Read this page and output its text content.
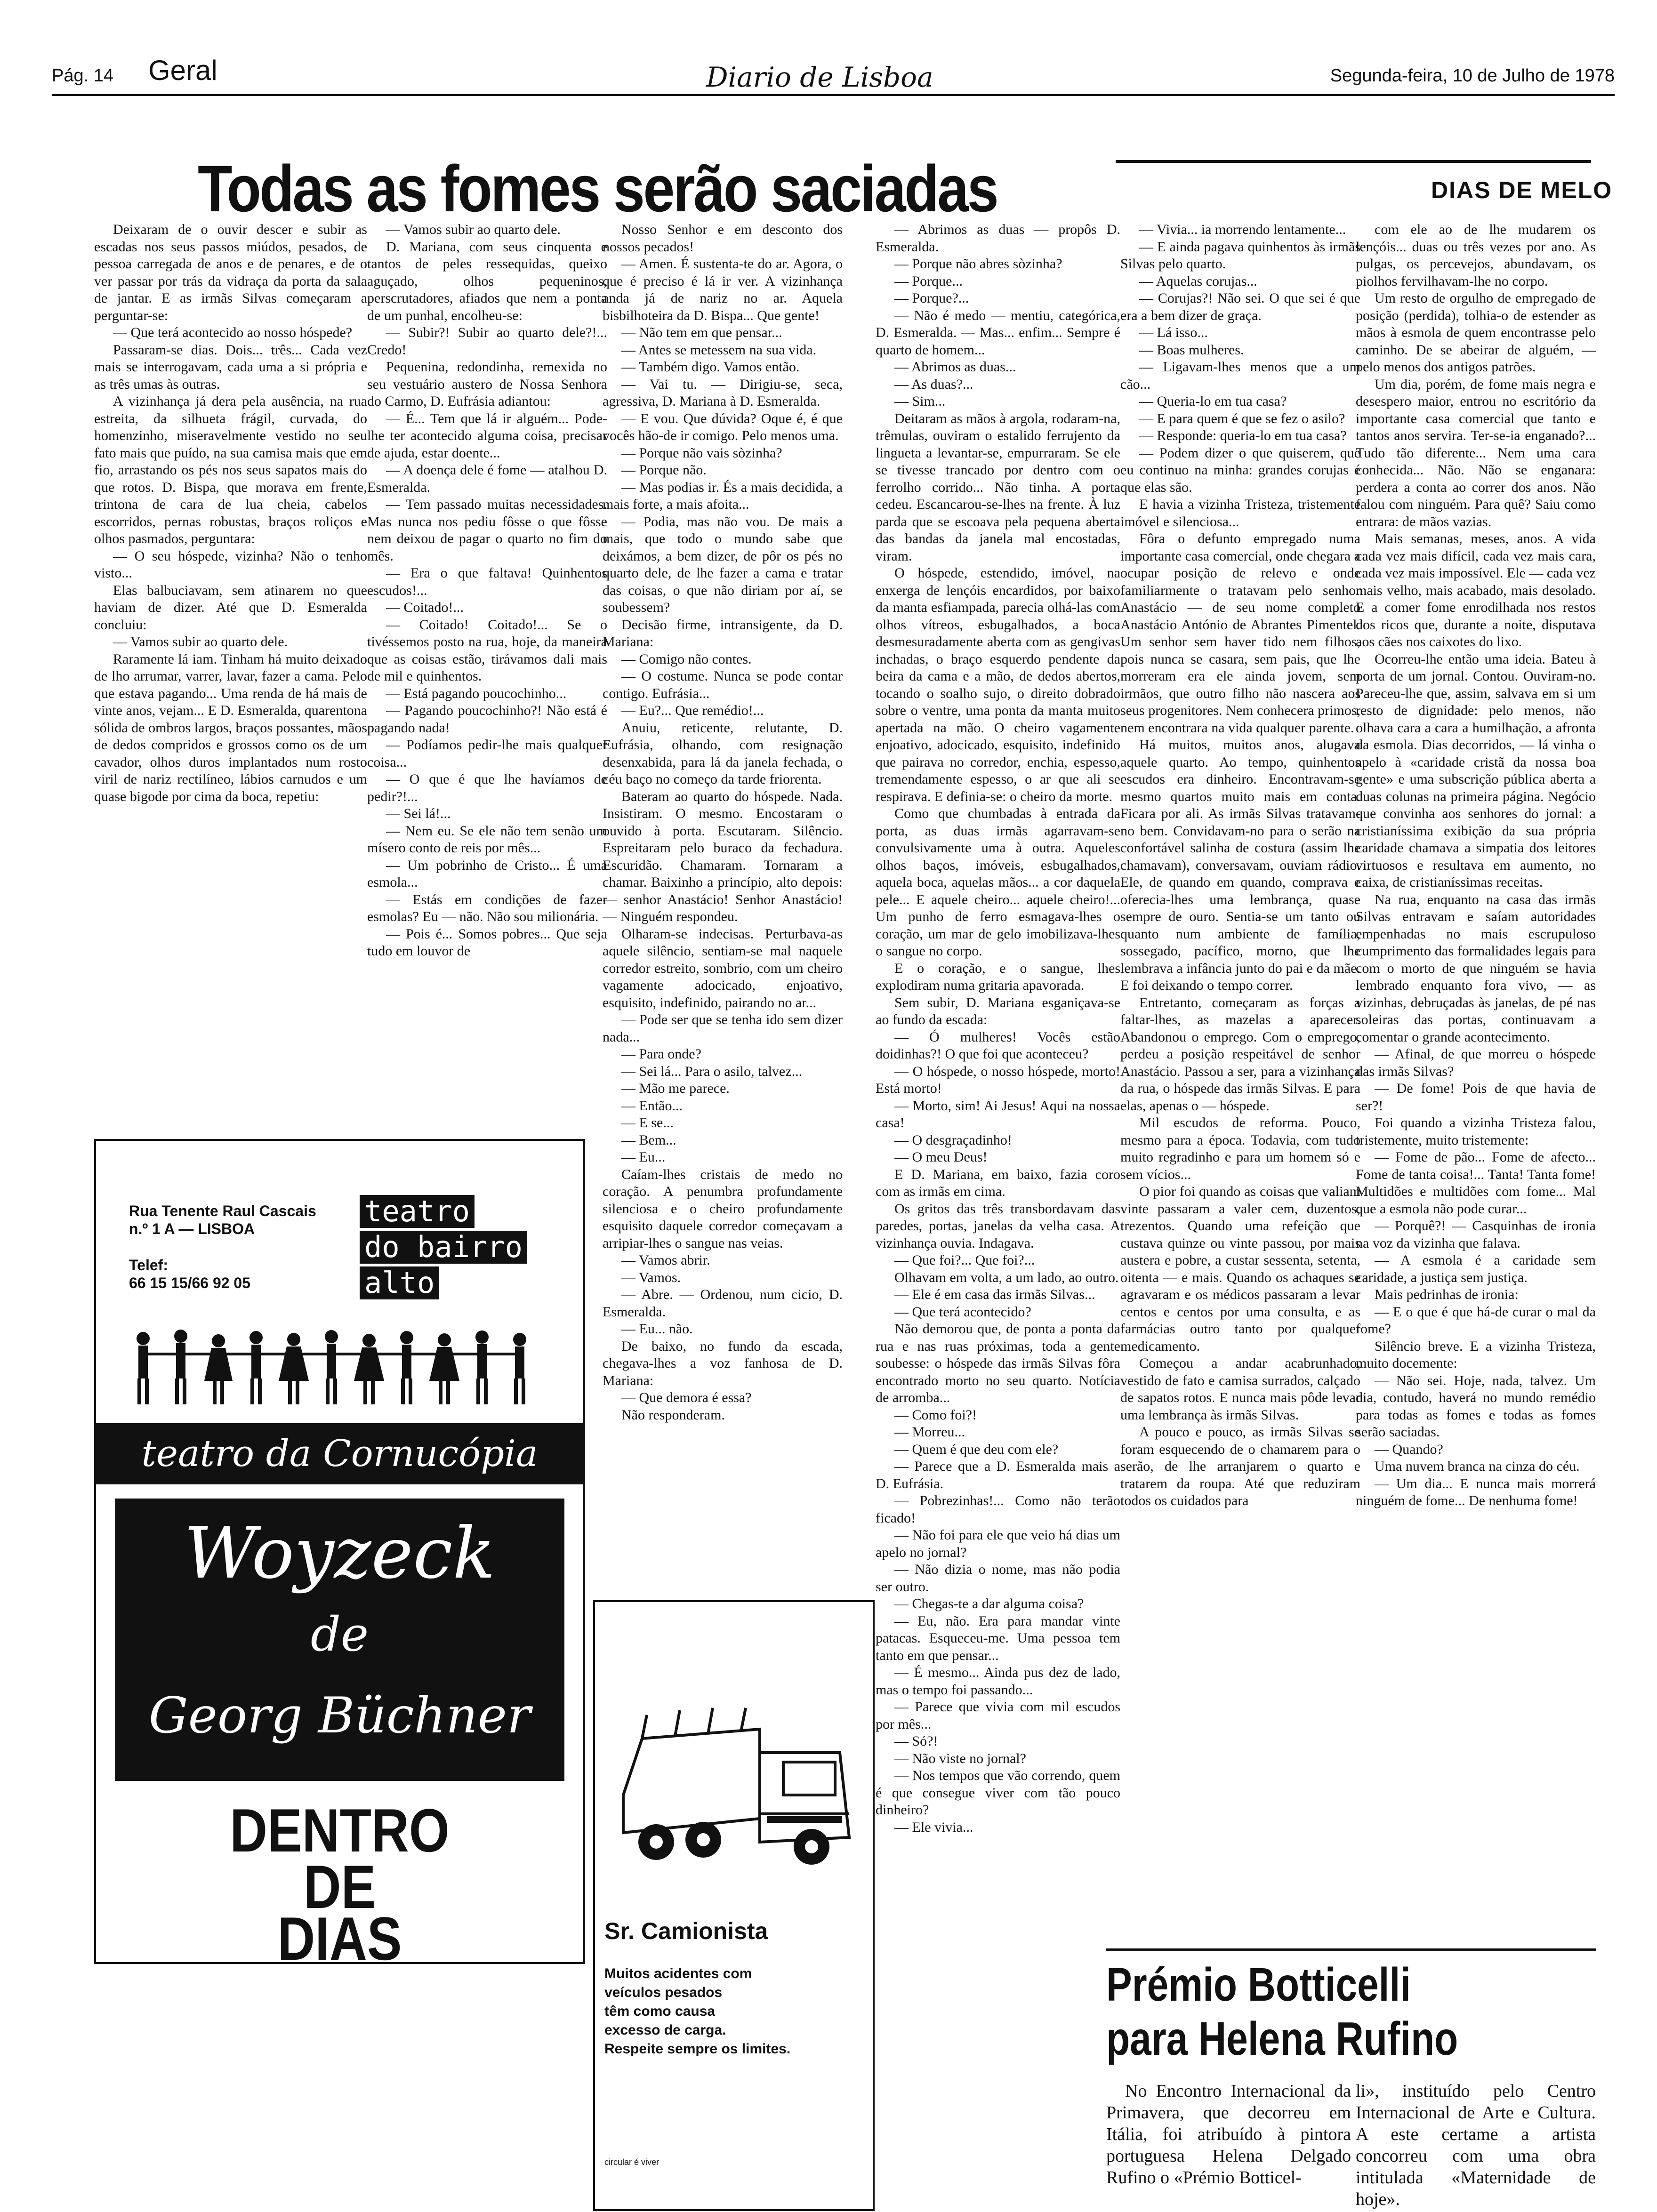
Pág. 14 Geral	Diario de Lisboa	Segunda-feira, 10 de Julho de 1978
Todas as fomes serão saciadas	DIAS DE MELO

Deixaram de o ouvir descer e subir as escadas nos seus passos miúdos, pesados, de pessoa carregada de anos e de penares, e de o ver passar por trás da vidraça da porta da sala de jantar. E as irmãs Silvas começaram a perguntar-se:

— Que terá acontecido ao nosso hóspede?

Passaram-se dias. Dois... três... Cada vez mais se interrogavam, cada uma a si própria e as três umas às outras.

A vizinhança já dera pela ausência, na rua estreita, da silhueta frágil, curvada, do homenzinho, miseravelmente vestido no seu fato mais que puído, na sua camisa mais que em fio, arrastando os pés nos seus sapatos mais do que rotos. D. Bispa, que morava em frente, trintona de cara de lua cheia, cabelos escorridos, pernas robustas, braços roliços e olhos pasmados, perguntara:

— O seu hóspede, vizinha? Não o tenho visto...

Elas balbuciavam, sem atinarem no que haviam de dizer. Até que D. Esmeralda concluiu:

— Vamos subir ao quarto dele.

Raramente lá iam. Tinham há muito deixado de lho arrumar, varrer, lavar, fazer a cama. Pelo que estava pagando... Uma renda de há mais de vinte anos, vejam... E D. Esmeralda, quarentona sólida de ombros largos, braços possantes, mãos de dedos compridos e grossos como os de um cavador, olhos duros implantados num rosto viril de nariz rectilíneo, lábios carnudos e um quase bigode por cima da boca, repetiu:

— Vamos subir ao quarto dele.

D. Mariana, com seus cinquenta e tantos de peles ressequidas, queixo aguçado, olhos pequeninos, perscrutadores, afiados que nem a ponta de um punhal, encolheu-se:

— Subir?! Subir ao quarto dele?!... Credo!

Pequenina, redondinha, remexida no seu vestuário austero de Nossa Senhora do Carmo, D. Eufrásia adiantou:

— É... Tem que lá ir alguém... Pode-lhe ter acontecido alguma coisa, precisar de ajuda, estar doente...

— A doença dele é fome — atalhou D. Esmeralda.

— Tem passado muitas necessidades. Mas nunca nos pediu fôsse o que fôsse nem deixou de pagar o quarto no fim do mês.

— Era o que faltava! Quinhentos escudos!...

— Coitado!...

— Coitado! Coitado!... Se o tivéssemos posto na rua, hoje, da maneira que as coisas estão, tirávamos dali mais de mil e quinhentos.

— Está pagando poucochinho...

— Pagando poucochinho?! Não está é pagando nada!

— Podíamos pedir-lhe mais qualquer coisa...

— O que é que lhe havíamos de pedir?!...

— Sei lá!...

— Nem eu. Se ele não tem senão um mísero conto de reis por mês...

— Um pobrinho de Cristo... É uma esmola...

— Estás em condições de fazer esmolas? Eu — não. Não sou milionária.

— Pois é... Somos pobres... Que seja tudo em louvor de

Nosso Senhor e em desconto dos nossos pecados!

— Amen. É sustenta-te do ar. Agora, o que é preciso é lá ir ver. A vizinhança anda já de nariz no ar. Aquela bisbilhoteira da D. Bispa... Que gente!

— Não tem em que pensar...

— Antes se metessem na sua vida.

— Também digo. Vamos então.

— Vai tu. — Dirigiu-se, seca, agressiva, D. Mariana à D. Esmeralda.

— E vou. Que dúvida? Oque é, é que vocês hão-de ir comigo. Pelo menos uma.

— Porque não vais sòzinha?

— Porque não.

— Mas podias ir. És a mais decidida, a mais forte, a mais afoita...

— Podia, mas não vou. De mais a mais, que todo o mundo sabe que deixámos, a bem dizer, de pôr os pés no quarto dele, de lhe fazer a cama e tratar das coisas, o que não diriam por aí, se soubessem?

Decisão firme, intransigente, da D. Mariana:

— Comigo não contes.

— O costume. Nunca se pode contar contigo. Eufrásia...

— Eu?... Que remédio!...

Anuiu, reticente, relutante, D. Eufrásia, olhando, com resignação desenxabida, para lá da janela fechada, o céu baço no começo da tarde friorenta.

Bateram ao quarto do hóspede. Nada. Insistiram. O mesmo. Encostaram o ouvido à porta. Escutaram. Silêncio. Espreitaram pelo buraco da fechadura. Escuridão. Chamaram. Tornaram a chamar. Baixinho a princípio, alto depois: — senhor Anastácio! Senhor Anastácio! — Ninguém respondeu.

Olharam-se indecisas. Perturbava-as aquele silêncio, sentiam-se mal naquele corredor estreito, sombrio, com um cheiro vagamente adocicado, enjoativo, esquisito, indefinido, pairando no ar...

— Pode ser que se tenha ido sem dizer nada...

— Para onde?

— Sei lá... Para o asilo, talvez...

— Mão me parece.

— Então...

— E se...

— Bem...

— Eu...

Caíam-lhes cristais de medo no coração. A penumbra profundamente silenciosa e o cheiro profundamente esquisito daquele corredor começavam a arripiar-lhes o sangue nas veias.

— Vamos abrir.

— Vamos.

— Abre. — Ordenou, num cicio, D. Esmeralda.

— Eu... não.

De baixo, no fundo da escada, chegava-lhes a voz fanhosa de D. Mariana:

— Que demora é essa?

Não responderam.

— Abrimos as duas — propôs D. Esmeralda.

— Porque não abres sòzinha?

— Porque...

— Porque?...

— Não é medo — mentiu, categórica, D. Esmeralda. — Mas... enfim... Sempre é quarto de homem...

— Abrimos as duas...

— As duas?...

— Sim...

Deitaram as mãos à argola, rodaram-na, trêmulas, ouviram o estalido ferrujento da lingueta a levantar-se, empurraram. Se ele se tivesse trancado por dentro com o ferrolho corrido... Não tinha. A porta cedeu. Escancarou-se-lhes na frente. À luz parda que se escoava pela pequena aberta das bandas da janela mal encostadas, viram.

O hóspede, estendido, imóvel, na enxerga de lençóis encardidos, por baixo da manta esfiampada, parecia olhá-las com olhos vítreos, esbugalhados, a boca desmesuradamente aberta com as gengivas inchadas, o braço esquerdo pendente da beira da cama e a mão, de dedos abertos, tocando o soalho sujo, o direito dobrado sobre o ventre, uma ponta da manta muito apertada na mão. O cheiro vagamente enjoativo, adocicado, esquisito, indefinido que pairava no corredor, enchia, espesso, tremendamente espesso, o ar que ali se respirava. E definia-se: o cheiro da morte.

Como que chumbadas à entrada da porta, as duas irmãs agarravam-se convulsivamente uma à outra. Aqueles olhos baços, imóveis, esbugalhados, aquela boca, aquelas mãos... a cor daquela pele... E aquele cheiro... aquele cheiro!... Um punho de ferro esmagava-lhes o coração, um mar de gelo imobilizava-lhes o sangue no corpo.

E o coração, e o sangue, lhes explodiram numa gritaria apavorada.

Sem subir, D. Mariana esganiçava-se ao fundo da escada:

— Ó mulheres! Vocês estão doidinhas?! O que foi que aconteceu?

— O hóspede, o nosso hóspede, morto! Está morto!

— Morto, sim! Ai Jesus! Aqui na nossa casa!

— O desgraçadinho!

— O meu Deus!

E D. Mariana, em baixo, fazia coro com as irmãs em cima.

Os gritos das três transbordavam das paredes, portas, janelas da velha casa. A vizinhança ouvia. Indagava.

— Que foi?... Que foi?...

Olhavam em volta, a um lado, ao outro.

— Ele é em casa das irmãs Silvas...

— Que terá acontecido?

Não demorou que, de ponta a ponta da rua e nas ruas próximas, toda a gente soubesse: o hóspede das irmãs Silvas fôra encontrado morto no seu quarto. Notícia de arromba...

— Como foi?!

— Morreu...

— Quem é que deu com ele?

— Parece que a D. Esmeralda mais a D. Eufrásia.

— Pobrezinhas!... Como não terão ficado!

— Não foi para ele que veio há dias um apelo no jornal?

— Não dizia o nome, mas não podia ser outro.

— Chegas-te a dar alguma coisa?

— Eu, não. Era para mandar vinte patacas. Esqueceu-me. Uma pessoa tem tanto em que pensar...

— É mesmo... Ainda pus dez de lado, mas o tempo foi passando...

— Parece que vivia com mil escudos por mês...

— Só?!

— Não viste no jornal?

— Nos tempos que vão correndo, quem é que consegue viver com tão pouco dinheiro?

— Ele vivia...

— Vivia... ia morrendo lentamente...

— E ainda pagava quinhentos às irmãs Silvas pelo quarto.

— Aquelas corujas...

— Corujas?! Não sei. O que sei é que era a bem dizer de graça.

— Lá isso...

— Boas mulheres.

— Ligavam-lhes menos que a um cão...

— Queria-lo em tua casa?

— E para quem é que se fez o asilo?

— Responde: queria-lo em tua casa?

— Podem dizer o que quiserem, que eu continuo na minha: grandes corujas é que elas são.

E havia a vizinha Tristeza, tristemente imóvel e silenciosa...

Fôra o defunto empregado numa importante casa comercial, onde chegara a ocupar posição de relevo e onde familiarmente o tratavam pelo senhor Anastácio — de seu nome completo Anastácio António de Abrantes Pimentel. Um senhor sem haver tido nem filhos, pois nunca se casara, sem pais, que lhe morreram era ele ainda jovem, sem irmãos, que outro filho não nascera aos seus progenitores. Nem conhecera primos, nem encontrara na vida qualquer parente.

Há muitos, muitos anos, alugava aquele quarto. Ao tempo, quinhentos escudos era dinheiro. Encontravam-se mesmo quartos muito mais em conta. Ficara por ali. As irmãs Silvas tratavam-no bem. Convidavam-no para o serão na confortável salinha de costura (assim lhe chamavam), conversavam, ouviam rádio. Ele, de quando em quando, comprava e oferecia-lhes uma lembrança, quase sempre de ouro. Sentia-se um tanto ou quanto num ambiente de família, sossegado, pacífico, morno, que lhe lembrava a infância junto do pai e da mãe. E foi deixando o tempo correr.

Entretanto, começaram as forças a faltar-lhes, as mazelas a aparecer. Abandonou o emprego. Com o emprego, perdeu a posição respeitável de senhor Anastácio. Passou a ser, para a vizinhança da rua, o hóspede das irmãs Silvas. E para elas, apenas o — hóspede.

Mil escudos de reforma. Pouco, mesmo para a época. Todavia, com tudo muito regradinho e para um homem só e sem vícios...

O pior foi quando as coisas que valiam vinte passaram a valer cem, duzentos, trezentos. Quando uma refeição que custava quinze ou vinte passou, por mais austera e pobre, a custar sessenta, setenta, oitenta — e mais. Quando os achaques se agravaram e os médicos passaram a levar centos e centos por uma consulta, e as farmácias outro tanto por qualquer medicamento.

Começou a andar acabrunhado, vestido de fato e camisa surrados, calçado de sapatos rotos. E nunca mais pôde levar uma lembrança às irmãs Silvas.

A pouco e pouco, as irmãs Silvas se foram esquecendo de o chamarem para o serão, de lhe arranjarem o quarto e tratarem da roupa. Até que reduziram todos os cuidados para

com ele ao de lhe mudarem os lençóis... duas ou três vezes por ano. As pulgas, os percevejos, abundavam, os piolhos fervilhavam-lhe no corpo.

Um resto de orgulho de empregado de posição (perdida), tolhia-o de estender as mãos à esmola de quem encontrasse pelo caminho. De se abeirar de alguém, — pelo menos dos antigos patrões.

Um dia, porém, de fome mais negra e desespero maior, entrou no escritório da importante casa comercial que tanto e tantos anos servira. Ter-se-ia enganado?... Tudo tão diferente... Nem uma cara conhecida... Não. Não se enganara: perdera a conta ao correr dos anos. Não falou com ninguém. Para quê? Saiu como entrara: de mãos vazias.

Mais semanas, meses, anos. A vida cada vez mais difícil, cada vez mais cara, cada vez mais impossível. Ele — cada vez mais velho, mais acabado, mais desolado. E a comer fome enrodilhada nos restos dos ricos que, durante a noite, disputava aos cães nos caixotes do lixo.

Ocorreu-lhe então uma ideia. Bateu à porta de um jornal. Contou. Ouviram-no. Pareceu-lhe que, assim, salvava em si um resto de dignidade: pelo menos, não olhava cara a cara a humilhação, a afronta da esmola. Dias decorridos, — lá vinha o apelo à «caridade cristã da nossa boa gente» e uma subscrição pública aberta a duas colunas na primeira página. Negócio que convinha aos senhores do jornal: a cristianíssima exibição da sua própria caridade chamava a simpatia dos leitores virtuosos e resultava em aumento, no caixa, de cristianíssimas receitas.

Na rua, enquanto na casa das irmãs Silvas entravam e saíam autoridades empenhadas no mais escrupuloso cumprimento das formalidades legais para com o morto de que ninguém se havia lembrado enquanto fora vivo, — as vizinhas, debruçadas às janelas, de pé nas soleiras das portas, continuavam a comentar o grande acontecimento.

— Afinal, de que morreu o hóspede das irmãs Silvas?

— De fome! Pois de que havia de ser?!

Foi quando a vizinha Tristeza falou, tristemente, muito tristemente:

— Fome de pão... Fome de afecto... Fome de tanta coisa!... Tanta! Tanta fome! Multidões e multidões com fome... Mal que a esmola não pode curar...

— Porquê?! — Casquinhas de ironia na voz da vizinha que falava.

— A esmola é a caridade sem caridade, a justiça sem justiça.

Mais pedrinhas de ironia:

— E o que é que há-de curar o mal da fome?

Silêncio breve. E a vizinha Tristeza, muito docemente:

— Não sei. Hoje, nada, talvez. Um dia, contudo, haverá no mundo remédio para todas as fomes e todas as fomes serão saciadas.

— Quando?

Uma nuvem branca na cinza do céu.

— Um dia... E nunca mais morrerá ninguém de fome... De nenhuma fome!

Rua Tenente Raul Cascais
n.º 1 A — LISBOA
Telef:
66 15 15/66 92 05
teatro
do bairro
alto
teatro da Cornucópia
Woyzeck
de
Georg Büchner
DENTRO
DE
DIAS	Sr. Camionista
Muitos acidentes com
veículos pesados
têm como causa
excesso de carga.
Respeite sempre os limites.
circular é viver
Prémio Botticelli
para Helena Rufino

No Encontro Internacional da Primavera, que decorreu em Itália, foi atribuído à pintora portuguesa Helena Delgado Rufino o «Prémio Botticel-

li», instituído pelo Centro Internacional de Arte e Cultura. A este certame a artista concorreu com uma obra intitulada «Maternidade de hoje».
